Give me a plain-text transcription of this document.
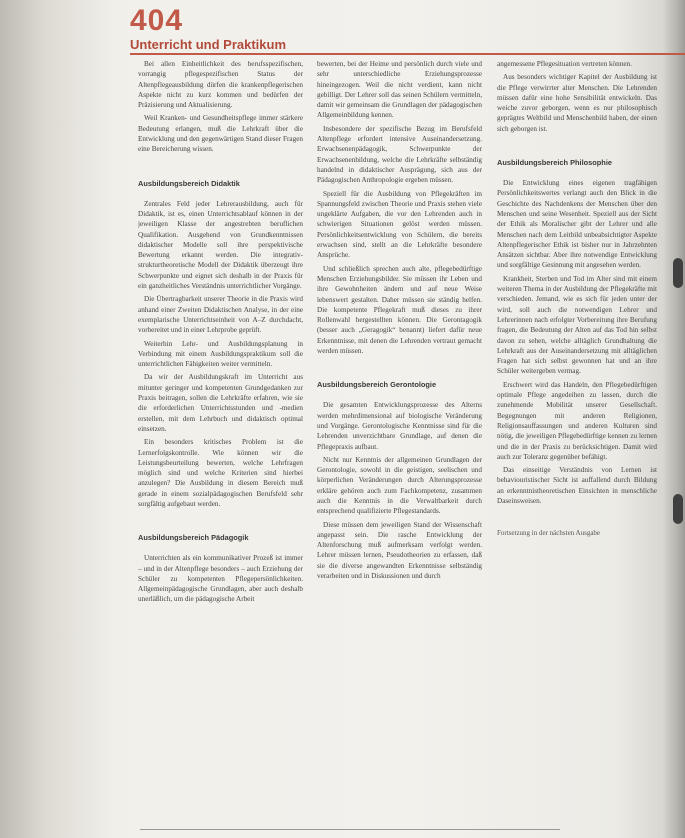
404
Unterricht und Praktikum

Bei allen Einheitlichkeit des berufsspezifischen, vorrangig pflegespezifischen Status der Altenpflegeausbildung dürfen die krankenpflegerischen Aspekte nicht zu kurz kommen und bedürfen der Präzisierung und Aktualisierung.

Weil Kranken- und Gesundheitspflege immer stärkere Bedeutung erlangen, muß die Lehrkraft über die Entwicklung und den gegenwärtigen Stand dieser Fragen eine Bereicherung wissen.

Ausbildungsbereich Didaktik

Zentrales Feld jeder Lehrerausbildung, auch für Didaktik, ist es, einen Unterrichtsablauf können in der jeweiligen Klasse der angestrebten beruflichen Qualifikation. Ausgehend von Grundkenntnissen didaktischer Modelle soll ihre perspektivische Bewertung erkannt werden. Die integrativ-strukturtheoretische Modell der Didaktik überzeugt ihre Schwerpunkte und eignet sich deshalb in der Praxis für ein ganzheitliches Verständnis unterrichtlicher Vorgänge.

Die Übertragbarkeit unserer Theorie in die Praxis wird anhand einer Zweiten Didaktischen Analyse, in der eine exemplarische Unterrichtseinheit von A–Z durchdacht, vorbereitet und in einer Lehrprobe geprüft.

Weiterhin Lehr- und Ausbildungsplanung in Verbindung mit einem Ausbildungspraktikum soll die unterrichtlichen Fähigkeiten weiter vermitteln.

Da wir der Ausbildungskraft im Unterricht aus mitunter geringer und kompetenten Grundgedanken zur Praxis beitragen, sollen die Lehrkräfte erfahren, wie sie die erforderlichen Unterrichtsstunden und -medien erstellen, mit dem Lehrbuch und didaktisch optimal einsetzen.

Ein besonders kritisches Problem ist die Lernerfolgskontrolle. Wie können wir die Leistungsbeurteilung bewerten, welche Lehrfragen möglich sind und welche Kriterien sind hierbei anzulegen? Die Ausbildung in diesem Bereich muß gerade in einem sozialpädagogischen Berufsfeld sehr sorgfältig aufgebaut werden.

Ausbildungsbereich Pädagogik

Unterrichten als ein kommunikativer Prozeß ist immer – und in der Altenpflege besonders – auch Erziehung der Schüler zu kompetenten Pflegepersönlichkeiten. Allgemeinpädagogische Grundlagen, aber auch deshalb unerläßlich, um die pädagogische Arbeit

bewerten, bei der Heime und persönlich durch viele und sehr unterschiedliche Erziehungsprozesse hineingezogen. Weil die nicht verdient, kann nicht gebilligt. Der Lehrer soll das seinen Schülern vermitteln, damit wir gemeinsam die Grundlagen der pädagogischen Allgemeinbildung kennen.

Insbesondere der spezifische Bezug im Berufsfeld Altenpflege erfordert intensive Auseinandersetzung. Erwachsenenpädagogik, Schwerpunkte der Erwachsenenbildung, welche die Lehrkräfte selbständig handelnd in didaktischer Ausprägung, sich aus der Pädagogischen Anthropologie ergeben müssen.

Speziell für die Ausbildung von Pflegekräften im Spannungsfeld zwischen Theorie und Praxis stehen viele ungeklärte Aufgaben, die vor den Lehrenden auch in schwierigen Situationen gelöst werden müssen. Persönlichkeitsentwicklung von Schülern, die bereits erwachsen sind, stellt an die Lehrkräfte besondere Ansprüche.

Und schließlich sprechen auch alte, pflegebedürftige Menschen Erziehungsbilder. Sie müssen ihr Leben und ihre Gewohnheiten ändern und auf neue Weise lebenswert gestalten. Daher müssen sie ständig helfen. Die kompetente Pflegekraft muß dieses zu ihrer Rollenwahl hergestellten können. Die Gerontagogik (besser auch „Geragogik“ benannt) liefert dafür neue Erkenntnisse, mit denen die Lehrenden vertraut gemacht werden müssen.

Ausbildungsbereich Gerontologie

Die gesamten Entwicklungsprozesse des Alterns werden mehrdimensional auf biologische Veränderung und Vorgänge. Gerontologische Kenntnisse sind für die Lehrenden unverzichtbare Grundlage, auf denen die Pflegepraxis aufbaut.

Nicht nur Kenntnis der allgemeinen Grundlagen der Gerontologie, sowohl in die geistigen, seelischen und körperlichen Veränderungen durch Alterungsprozesse erkläre gehören auch zum Fachkompetenz, zusammen auch die Kenntnis in die Verwaltbarkeit durch entsprechend qualifizierte Pflegestandards.

Diese müssen dem jeweiligen Stand der Wissenschaft angepasst sein. Die rasche Entwicklung der Altenforschung muß aufmerksam verfolgt werden. Lehrer müssen lernen, Pseudotheorien zu erfassen, daß sie die diverse angewandten Erkenntnisse selbständig verarbeiten und in Diskussionen und durch

angemessene Pflegesituation vertreten können.

Aus besonders wichtiger Kapitel der Ausbildung ist die Pflege verwirrter alter Menschen. Die Lehrenden müssen dafür eine hohe Sensibilität entwickeln. Das weiche zuvor geborgen, wenn es nur philosophisch geprägtes Weltbild und Menschenbild haben, der einen sich geborgen ist.

Ausbildungsbereich Philosophie

Die Entwicklung eines eigenen tragfähigen Persönlichkeitswertes verlangt auch den Blick in die Geschichte des Nachdenkens der Menschen über den Menschen und seine Wesenheit. Speziell aus der Sicht der Ethik als Moralischer gibt der Lehrer und alle Menschen nach dem Leitbild unbeabsichtigter Aspekte Altenpflegerischer Ethik ist bisher nur in Jahrzehnten Ansätzen sichtbar. Aber ihre notwendige Entwicklung und sorgfältige Gesinnung mit angesehen werden.

Krankheit, Sterben und Tod im Alter sind mit einem weiteren Thema in der Ausbildung der Pflegekräfte mit verschieden. Jemand, wie es sich für jeden unter der wird, soll auch die notwendigen Lehrer und Lehrerinnen nach erfolgter Vorbereitung ihre Berufung fragen, die Bedeutung der Alten auf das Tod hin selbst davon zu sehen, welche alltäglich Grundhaltung die Lehrkraft aus der Auseinandersetzung mit alltäglichen Fragen hat sich selbst gewonnen hat und an ihre Schüler weitergeben vermag.

Erschwert wird das Handeln, den Pflegebedürftigen optimale Pflege angedeihen zu lassen, durch die zunehmende Mobilität unserer Gesellschaft. Begegnungen mit anderen Religionen, Religionsauffassungen und anderen Kulturen sind nötig, die jeweiligen Pflegebedürftige kennen zu lernen und die in der Praxis zu berücksichtigen. Damit wird auch zur Toleranz gegenüber befähigt.

Das einseitige Verständnis von Lernen ist behaviouristischer Sicht ist auffallend durch Bildung an erkenntnistheoretischen Einsichten in menschliche Daseinsweisen.

Fortsetzung in der nächsten Ausgabe
